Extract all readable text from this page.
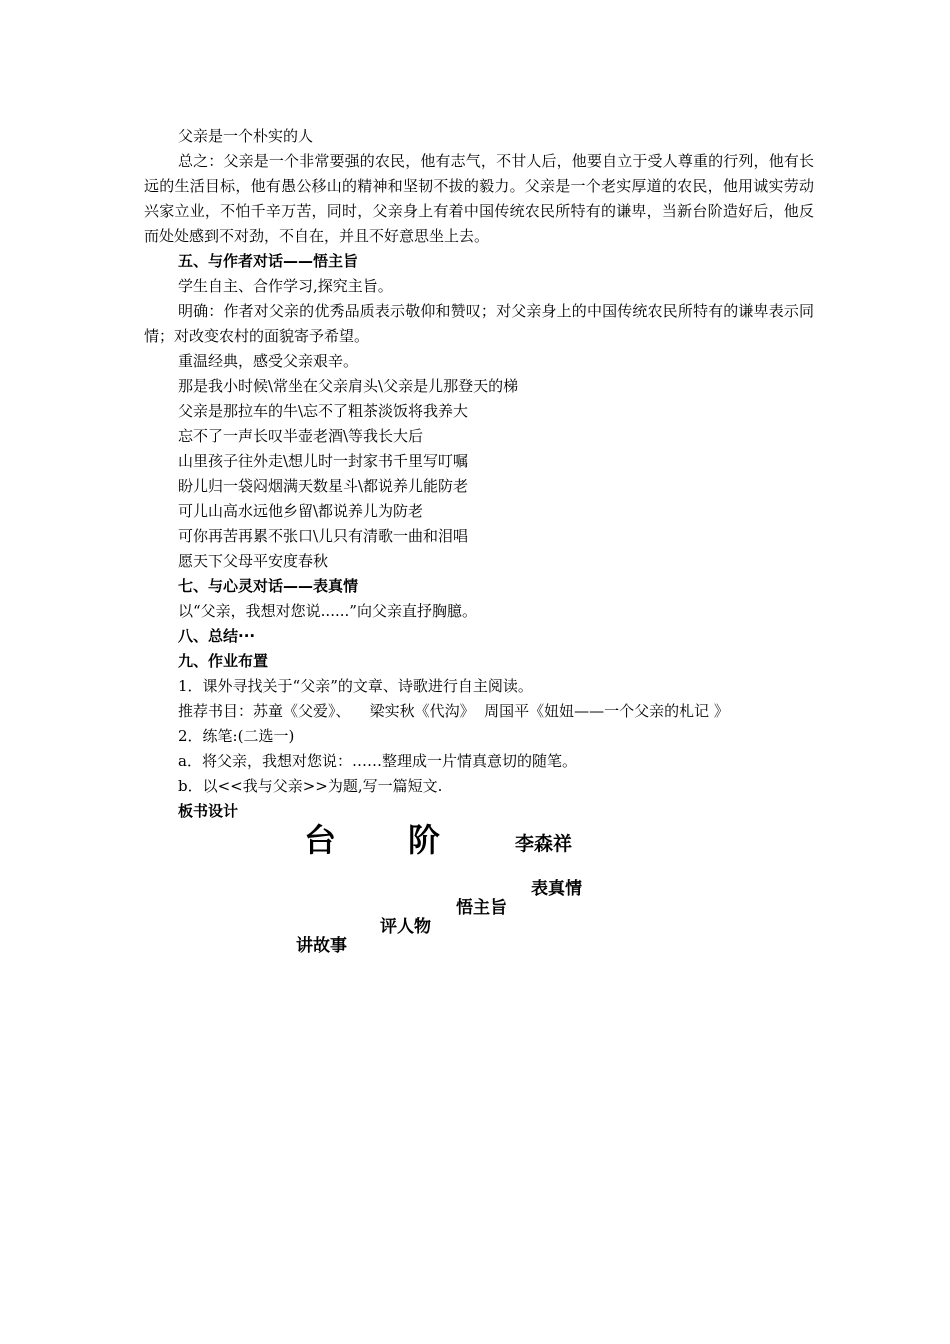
父亲是一个朴实的人

总之：父亲是一个非常要强的农民，他有志气，不甘人后，他要自立于受人尊重的行列，他有长远的生活目标，他有愚公移山的精神和坚韧不拔的毅力。父亲是一个老实厚道的农民，他用诚实劳动兴家立业，不怕千辛万苦，同时，父亲身上有着中国传统农民所特有的谦卑，当新台阶造好后，他反而处处感到不对劲，不自在，并且不好意思坐上去。

五、与作者对话——悟主旨

学生自主、合作学习,探究主旨。

明确：作者对父亲的优秀品质表示敬仰和赞叹；对父亲身上的中国传统农民所特有的谦卑表示同情；对改变农村的面貌寄予希望。

重温经典，感受父亲艰辛。

那是我小时候\常坐在父亲肩头\父亲是儿那登天的梯

父亲是那拉车的牛\忘不了粗茶淡饭将我养大

忘不了一声长叹半壶老酒\等我长大后

山里孩子往外走\想儿时一封家书千里写叮嘱

盼儿归一袋闷烟满天数星斗\都说养儿能防老

可儿山高水远他乡留\都说养儿为防老

可你再苦再累不张口\儿只有清歌一曲和泪唱

愿天下父母平安度春秋

七、与心灵对话——表真情

以“父亲，我想对您说......”向父亲直抒胸臆。

八、总结···

九、作业布置

1．课外寻找关于“父亲”的文章、诗歌进行自主阅读。

推荐书目：苏童《父爱》、    梁实秋《代沟》  周国平《妞妞——一个父亲的札记 》

2．练笔:(二选一)

a．将父亲，我想对您说：……整理成一片情真意切的随笔。

b．以<<我与父亲>>为题,写一篇短文.

板书设计

台 阶	李森祥
表真情
悟主旨
评人物
讲故事
